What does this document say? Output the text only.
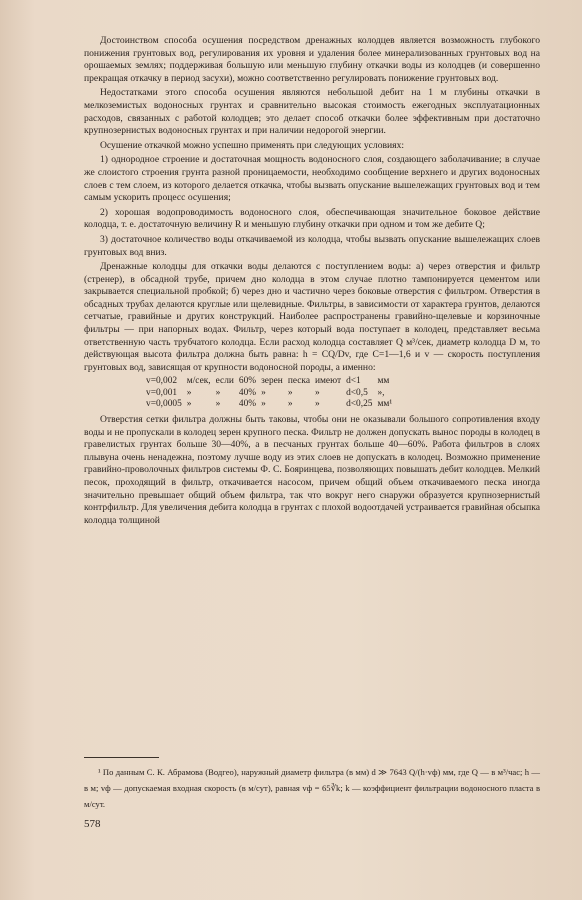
Достоинством способа осушения посредством дренажных колодцев является возможность глубокого понижения грунтовых вод, регулирования их уровня и удаления более минерализованных грунтовых вод на орошаемых землях; поддерживая большую или меньшую глубину откачки воды из колодцев (и совершенно прекращая откачку в период засухи), можно соответственно регулировать понижение грунтовых вод.

Недостатками этого способа осушения являются небольшой дебит на 1 м глубины откачки в мелкоземистых водоносных грунтах и сравнительно высокая стоимость ежегодных эксплуатационных расходов, связанных с работой колодцев; это делает способ откачки более эффективным при достаточно крупнозернистых водоносных грунтах и при наличии недорогой энергии.

Осушение откачкой можно успешно применять при следующих условиях:

1) однородное строение и достаточная мощность водоносного слоя, создающего заболачивание; в случае же слоистого строения грунта разной проницаемости, необходимо сообщение верхнего и других водоносных слоев с тем слоем, из которого делается откачка, чтобы вызвать опускание вышележащих грунтовых вод и тем самым ускорить процесс осушения;

2) хорошая водопроводимость водоносного слоя, обеспечивающая значительное боковое действие колодца, т. е. достаточную величину R и меньшую глубину откачки при одном и том же дебите Q;

3) достаточное количество воды откачиваемой из колодца, чтобы вызвать опускание вышележащих слоев грунтовых вод вниз.

Дренажные колодцы для откачки воды делаются с поступлением воды: а) через отверстия и фильтр (стренер), в обсадной трубе, причем дно колодца в этом случае плотно тампонируется цементом или закрывается специальной пробкой; б) через дно и частично через боковые отверстия с фильтром. Отверстия в обсадных трубах делаются круглые или щелевидные. Фильтры, в зависимости от характера грунтов, делаются сетчатые, гравийные и других конструкций. Наиболее распространены гравийно-щелевые и корзиночные фильтры — при напорных водах. Фильтр, через который вода поступает в колодец, представляет весьма ответственную часть трубчатого колодца. Если расход колодца составляет Q м³/сек, диаметр колодца D м, то действующая высота фильтра должна быть равна: h = CQ/Dv, где C=1—1,6 и v — скорость поступления грунтовых вод, зависящая от крупности водоносной породы, а именно:

v=0,002	м/сек,	если	60%	зерен	песка	имеют	d<1	мм
v=0,001	»	»	40%	»	»	»	d<0,5	»,
v=0,0005	»	»	40%	»	»	»	d<0,25	мм¹

Отверстия сетки фильтра должны быть таковы, чтобы они не оказывали большого сопротивления входу воды и не пропускали в колодец зерен крупного песка. Фильтр не должен допускать вынос породы в колодец в гравелистых грунтах больше 30—40%, а в песчаных грунтах больше 40—60%. Работа фильтров в слоях плывуна очень ненадежна, поэтому лучше воду из этих слоев не допускать в колодец. Возможно применение гравийно-проволочных фильтров системы Ф. С. Бояринцева, позволяющих повышать дебит колодцев. Мелкий песок, проходящий в фильтр, откачивается насосом, причем общий объем откачиваемого песка иногда значительно превышает общий объем фильтра, так что вокруг него снаружи образуется крупнозернистый контрфильтр. Для увеличения дебита колодца в грунтах с плохой водоотдачей устраивается гравийная обсыпка колодца толщиной

¹ По данным С. К. Абрамова (Водгео), наружный диаметр фильтра (в мм) d ≫ 7643 Q/(h·vф) мм, где Q — в м³/час; h — в м; vф — допускаемая входная скорость (в м/сут), равная vф = 65∛k; k — коэффициент фильтрации водоносного пласта в м/сут.
578
